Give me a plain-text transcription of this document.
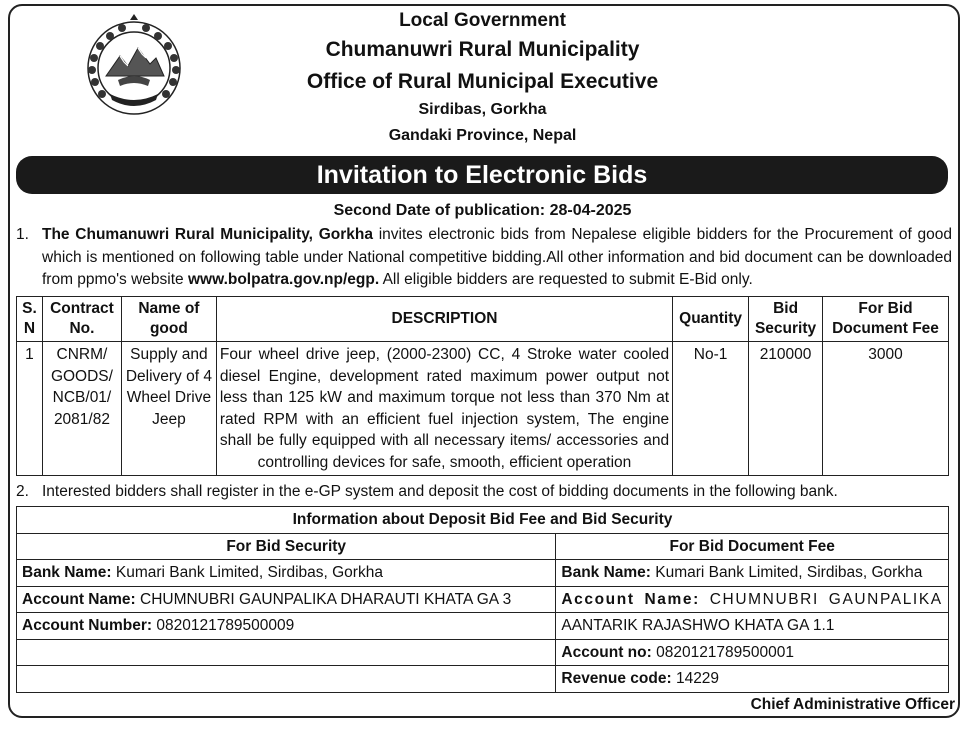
Local Government
Chumanuwri Rural Municipality
Office of Rural Municipal Executive
Sirdibas, Gorkha
Gandaki Province, Nepal
Invitation to Electronic Bids
Second Date of publication: 28-04-2025
1. The Chumanuwri Rural Municipality, Gorkha invites electronic bids from Nepalese eligible bidders for the Procurement of good which is mentioned on following table under National competitive bidding.All other information and bid document can be downloaded from ppmo's website www.bolpatra.gov.np/egp. All eligible bidders are requested to submit E-Bid only.
S. N	Contract No.	Name of good	DESCRIPTION	Quantity	Bid Security	For Bid Document Fee
1	CNRM/ GOODS/ NCB/01/ 2081/82	Supply and Delivery of 4 Wheel Drive Jeep	Four wheel drive jeep, (2000-2300) CC, 4 Stroke water cooled diesel Engine, development rated maximum power output not less than 125 kW and maximum torque not less than 370 Nm at rated RPM with an efficient fuel injection system, The engine shall be fully equipped with all necessary items/ accessories and controlling devices for safe, smooth, efficient operation	No-1	210000	3000
2. Interested bidders shall register in the e-GP system and deposit the cost of bidding documents in the following bank.
Information about Deposit Bid Fee and Bid Security	
For Bid Security	For Bid Document Fee
Bank Name: Kumari Bank Limited, Sirdibas, Gorkha	Bank Name: Kumari Bank Limited, Sirdibas, Gorkha
Account Name: CHUMNUBRI GAUNPALIKA DHARAUTI KHATA GA 3	Account Name: CHUMNUBRI GAUNPALIKA
Account Number: 0820121789500009	AANTARIK RAJASHWO KHATA GA 1.1
	Account no: 0820121789500001
	Revenue code: 14229
Chief Administrative Officer
